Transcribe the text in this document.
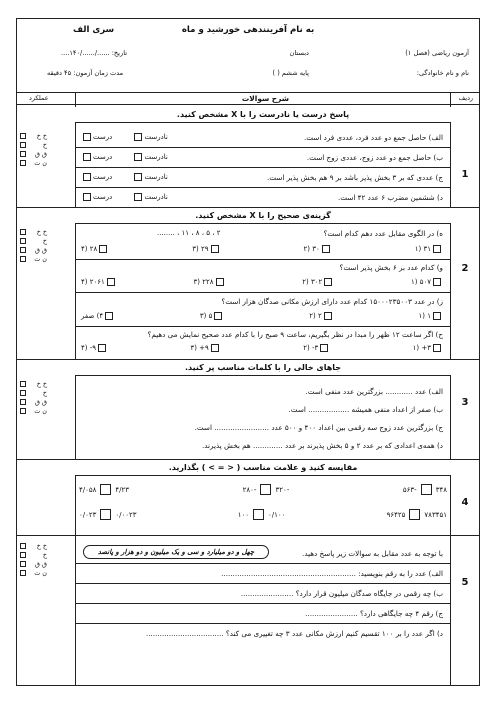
به نام آفرینندهی خورشید و ماه
سری الف
آزمون ریاضی (فصل ۱)
دبستان
تاریخ: ....../....../۱۴۰....
نام و نام خانوادگی:
پایه ششم ( )
مدت زمان آزمون: ۴۵ دقیقه
ردیف
شرح سوالات
عملکرد
پاسخ درست یا نادرست را با X مشخص کنید.
1
خ خ
خ
ق ق
ن ت
الف) حاصل جمع دو عدد فرد، عددی فرد است.
نادرست درست
ب) حاصل جمع دو عدد زوج، عددی زوج است.
نادرست درست
ج) عددی که بر ۳ بخش پذیر باشد بر ۹ هم بخش پذیر است.
نادرست درست
د) ششمین مضرب ۶ عدد ۴۲ است.
نادرست درست
گزینه‌ی صحیح را با X مشخص کنید.
2
خ خ
خ
ق ق
ن ت
ه) در الگوی مقابل عدد دهم کدام است؟
۲ ، ۵ ، ۸ ، ۱۱ ، ........
۳۱ (۱
۳۰ (۲
۲۹ (۳
۲۸ (۴
و) کدام عدد بر ۶ بخش پذیر است؟
۵۰۷ (۱
۳۰۲ (۲
۲۲۸ (۳
۲۰۶۱ (۴
ز) در عدد ۱۵۰۰۰۲۳۵۰۰۳ کدام عدد دارای ارزش مکانی صدگان هزار است؟
۱ (۱
۲ (۲
۵ (۳
۴) صفر
ح) اگر ساعت ۱۲ ظهر را مبدا در نظر بگیریم، ساعت ۹ صبح را با کدام عدد صحیح نمایش می دهیم؟
۳+ (۱
۳- (۲
۹+ (۳
۹- (۴
جاهای خالی را با کلمات مناسب پر کنید.
3
خ خ
خ
ق ق
ن ت
الف) عدد ............ بزرگترین عدد منفی است.
ب) صفر از اعداد منفی همیشه .................. است.
ج) بزرگترین عدد زوج سه رقمی بین اعداد ۴۰۰ و ۵۰۰ عدد ........................ است.
د) همه‌ی اعدادی که بر عدد ۲ و ۵ بخش پذیرند بر عدد ............. هم بخش پذیرند.
مقایسه کنید و علامت مناسب ( < = > ) بگذارید.
4
۴/۰۵۸	۴/۲۳	۲۸۰-	۳۲۰-	۵۶۳-	۳۴۸
۰/۰۲۳	۰/۰۰۲۳	۱۰۰	۰/۱۰۰	۹۶۴۲۵	۷۸۳۴۵۱
5
خ خ
خ
ق ق
ن ت
با توجه به عدد مقابل به سوالات زیر پاسخ دهید.
چهل و دو میلیارد و سی و یک میلیون و دو هزار و پانصد
الف) عدد را به رقم بنویسید: ...........................................................
ب) چه رقمی در جایگاه صدگان میلیون قرار دارد؟ .......................
ج) رقم ۴ چه جایگاهی دارد؟ .......................
د) اگر عدد را بر ۱۰۰ تقسیم کنیم ارزش مکانی عدد ۳ چه تغییری می کند؟ ..................................
